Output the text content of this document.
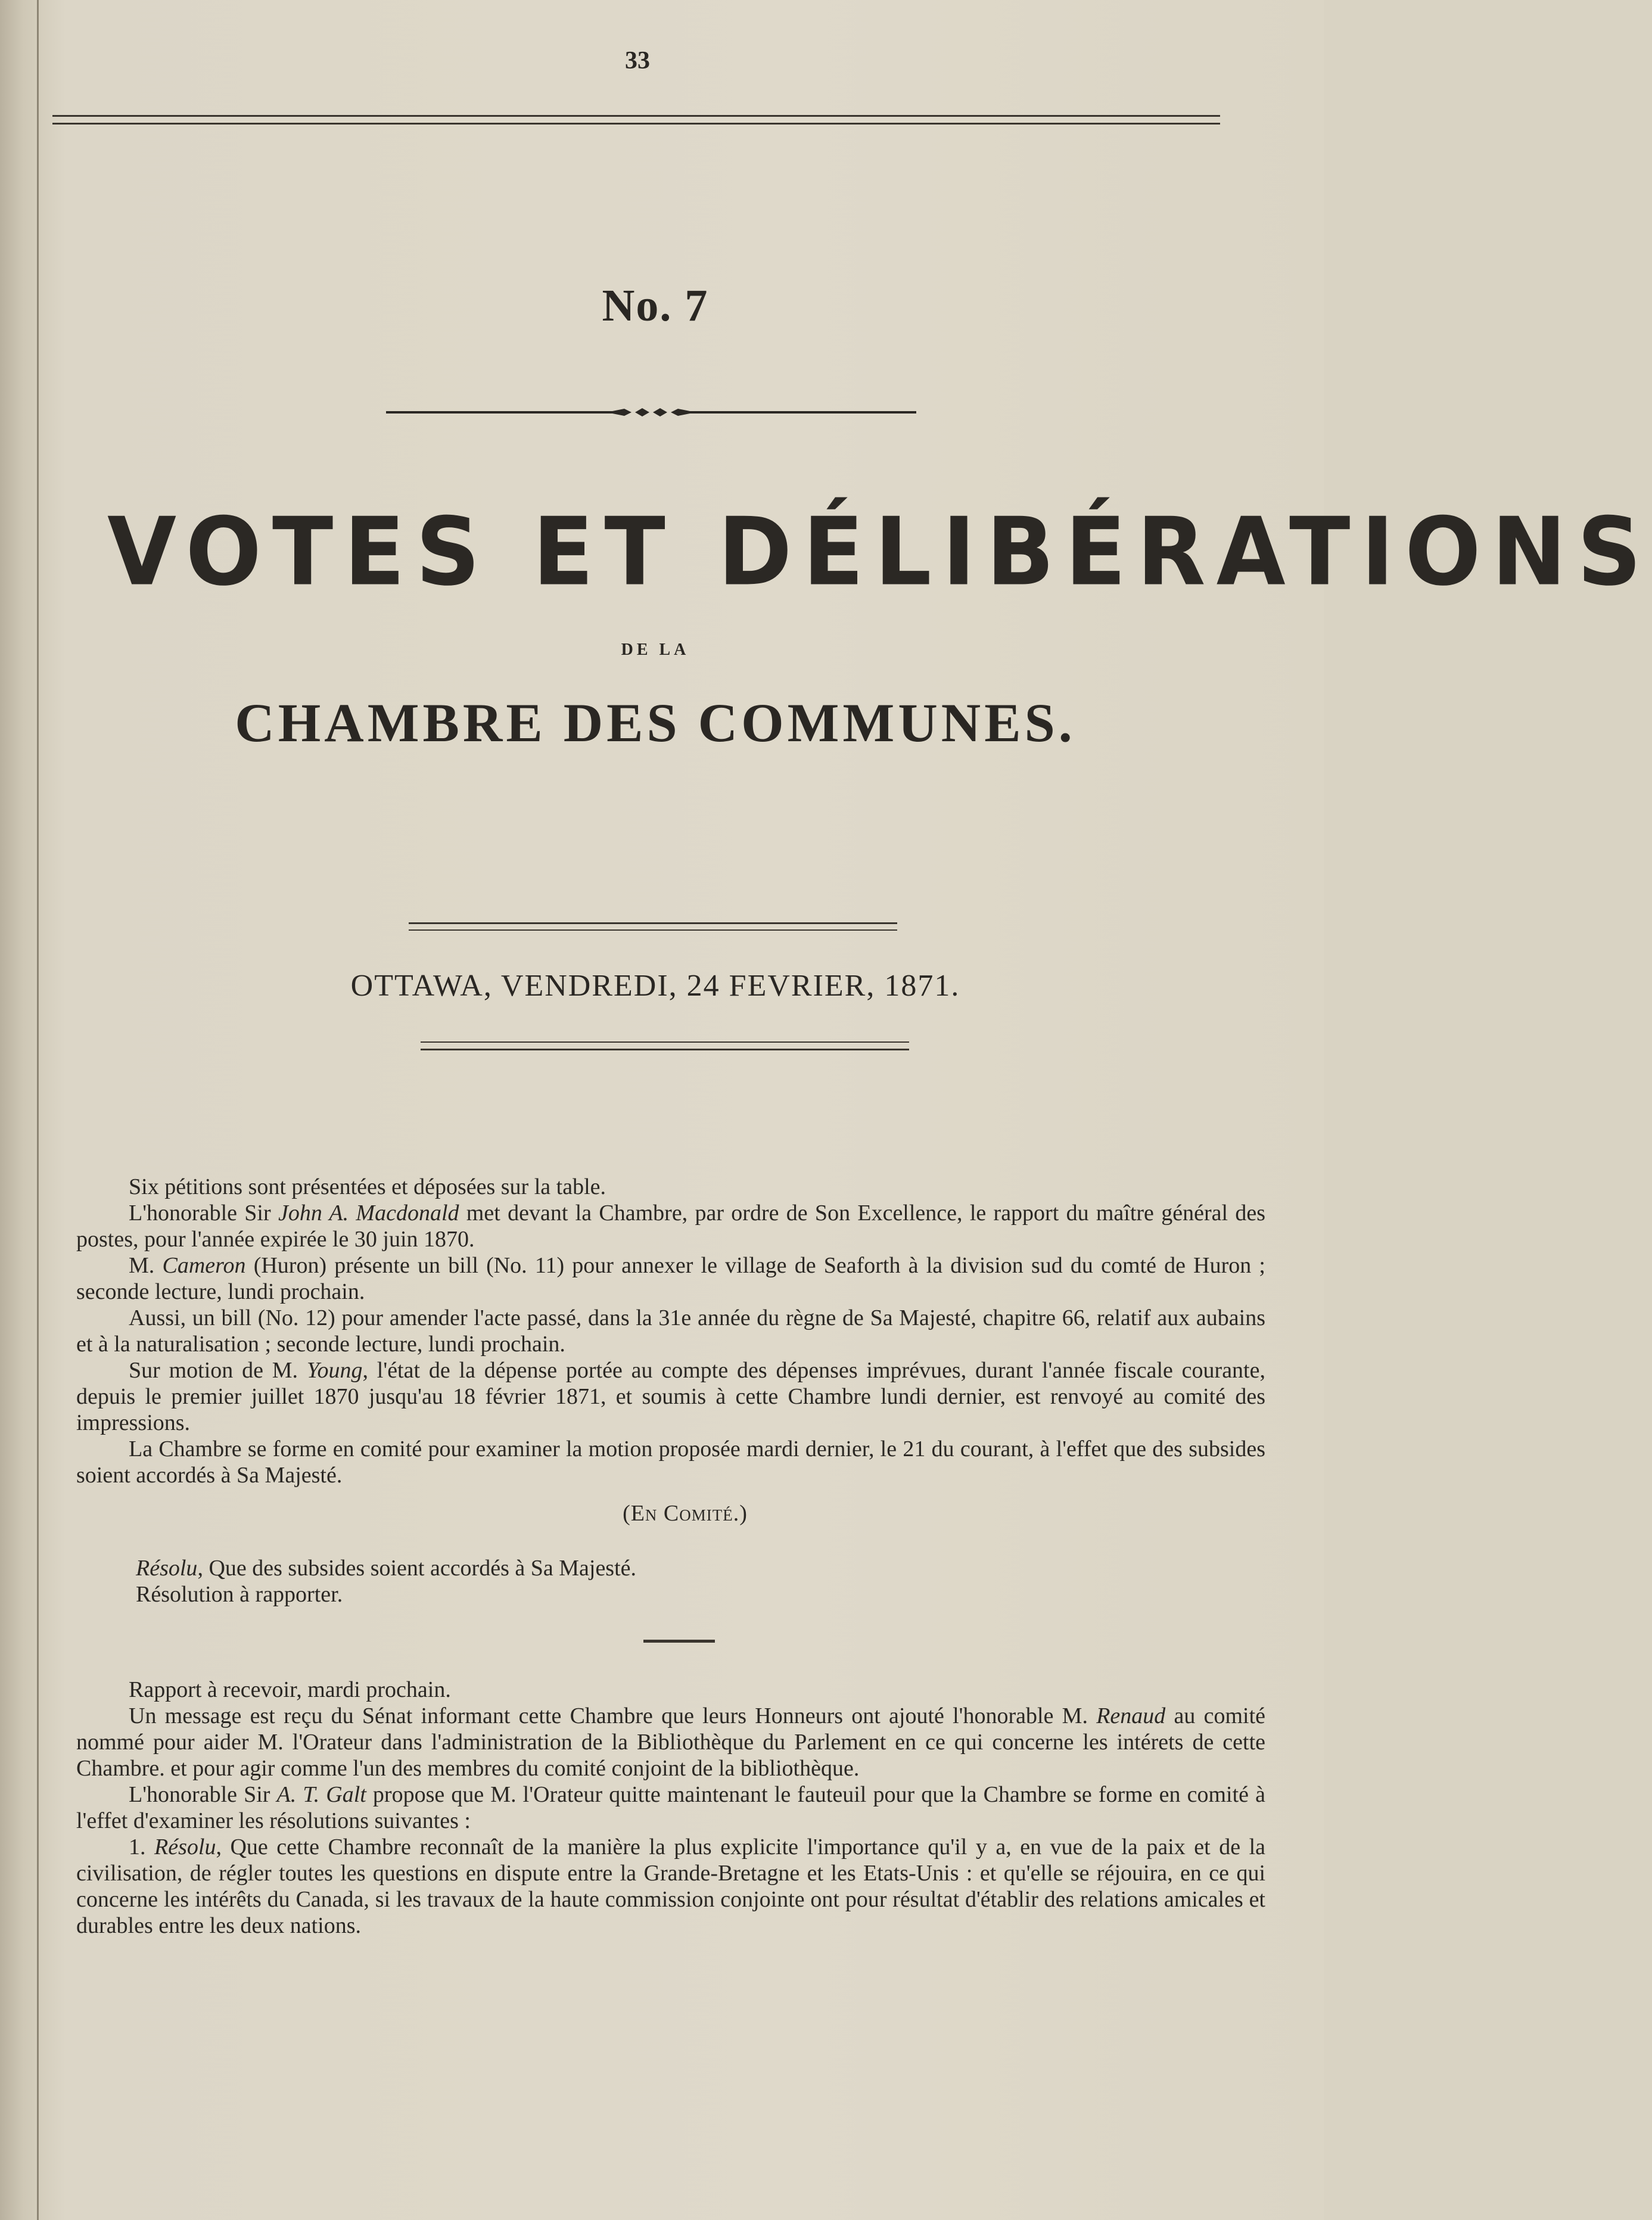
33
No. 7
VOTES ET DÉLIBÉRATIONS
DE LA
CHAMBRE DES COMMUNES.
OTTAWA, VENDREDI, 24 FEVRIER, 1871.

Six pétitions sont présentées et déposées sur la table.

L'honorable Sir John A. Macdonald met devant la Chambre, par ordre de Son Excellence, le rapport du maître général des postes, pour l'année expirée le 30 juin 1870.

M. Cameron (Huron) présente un bill (No. 11) pour annexer le village de Seaforth à la division sud du comté de Huron ; seconde lecture, lundi prochain.

Aussi, un bill (No. 12) pour amender l'acte passé, dans la 31e année du règne de Sa Majesté, chapitre 66, relatif aux aubains et à la naturalisation ; seconde lecture, lundi prochain.

Sur motion de M. Young, l'état de la dépense portée au compte des dépenses imprévues, durant l'année fiscale courante, depuis le premier juillet 1870 jusqu'au 18 février 1871, et soumis à cette Chambre lundi dernier, est renvoyé au comité des impressions.

La Chambre se forme en comité pour examiner la motion proposée mardi dernier, le 21 du courant, à l'effet que des subsides soient accordés à Sa Majesté.

(En Comité.)

Résolu, Que des subsides soient accordés à Sa Majesté.

Résolution à rapporter.

Rapport à recevoir, mardi prochain.

Un message est reçu du Sénat informant cette Chambre que leurs Honneurs ont ajouté l'honorable M. Renaud au comité nommé pour aider M. l'Orateur dans l'administration de la Bibliothèque du Parlement en ce qui concerne les intérets de cette Chambre. et pour agir comme l'un des membres du comité conjoint de la bibliothèque.

L'honorable Sir A. T. Galt propose que M. l'Orateur quitte maintenant le fauteuil pour que la Chambre se forme en comité à l'effet d'examiner les résolutions suivantes :

1. Résolu, Que cette Chambre reconnaît de la manière la plus explicite l'importance qu'il y a, en vue de la paix et de la civilisation, de régler toutes les questions en dispute entre la Grande-Bretagne et les Etats-Unis : et qu'elle se réjouira, en ce qui concerne les intérêts du Canada, si les travaux de la haute commission conjointe ont pour résultat d'établir des relations amicales et durables entre les deux nations.
